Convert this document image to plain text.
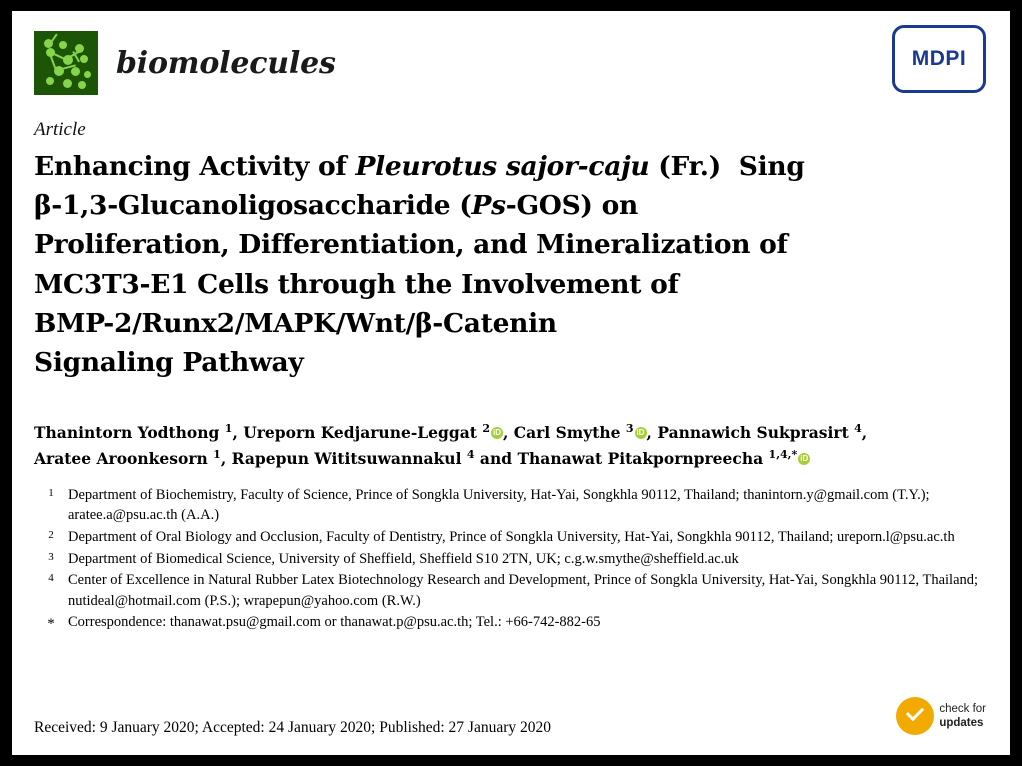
biomolecules	MDPI
Article
Enhancing Activity of Pleurotus sajor-caju (Fr.)  Sing
β-1,3-Glucanoligosaccharide (Ps-GOS) on
Proliferation, Differentiation, and Mineralization of
MC3T3-E1 Cells through the Involvement of
BMP-2/Runx2/MAPK/Wnt/β-Catenin
Signaling Pathway
Thanintorn Yodthong $^1$, Ureporn Kedjarune-Leggat $^2$ iD , Carl Smythe $^3$ iD , Pannawich Sukprasirt $^4$,
Aratee Aroonkesorn $^1$, Rapepun Wititsuwannakul $^4$ and Thanawat Pitakpornpreecha $^{1,4,*}$iD
1 Department of Biochemistry, Faculty of Science, Prince of Songkla University, Hat-Yai, Songkhla 90112, Thailand; thanintorn.y@gmail.com (T.Y.); aratee.a@psu.ac.th (A.A.)
2 Department of Oral Biology and Occlusion, Faculty of Dentistry, Prince of Songkla University, Hat-Yai, Songkhla 90112, Thailand; ureporn.l@psu.ac.th
3 Department of Biomedical Science, University of Sheffield, Sheffield S10 2TN, UK; c.g.w.smythe@sheffield.ac.uk
4 Center of Excellence in Natural Rubber Latex Biotechnology Research and Development, Prince of Songkla University, Hat-Yai, Songkhla 90112, Thailand; nutideal@hotmail.com (P.S.); wrapepun@yahoo.com (R.W.)
* Correspondence: thanawat.psu@gmail.com or thanawat.p@psu.ac.th; Tel.: +66-742-882-65
Received: 9 January 2020; Accepted: 24 January 2020; Published: 27 January 2020
check for
updates
